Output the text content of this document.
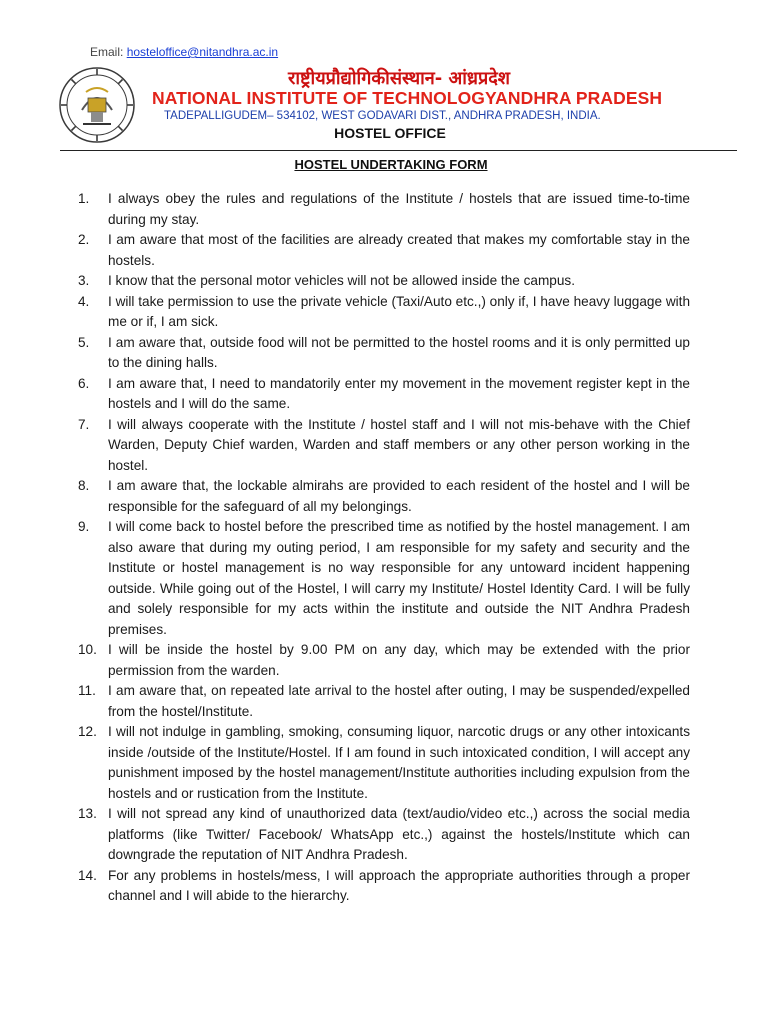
Email: hosteloffice@nitandhra.ac.in
राष्ट्रीयप्रौद्योगिकीसंस्थान- आंध्रप्रदेश
NATIONAL INSTITUTE OF TECHNOLOGYANDHRA PRADESH
TADEPALLIGUDEM– 534102, WEST GODAVARI DIST., ANDHRA PRADESH, INDIA.
HOSTEL OFFICE
HOSTEL UNDERTAKING FORM
1.	I always obey the rules and regulations of the Institute / hostels that are issued time-to-time during my stay.
2.	I am aware that most of the facilities are already created that makes my comfortable stay in the hostels.
3.	I know that the personal motor vehicles will not be allowed inside the campus.
4.	I will take permission to use the private vehicle (Taxi/Auto etc.,) only if, I have heavy luggage with me or if, I am sick.
5.	I am aware that, outside food will not be permitted to the hostel rooms and it is only permitted up to the dining halls.
6.	I am aware that, I need to mandatorily enter my movement in the movement register kept in the hostels and I will do the same.
7.	I will always cooperate with the Institute / hostel staff and I will not mis-behave with the Chief Warden, Deputy Chief warden, Warden and staff members or any other person working in the hostel.
8.	I am aware that, the lockable almirahs are provided to each resident of the hostel and I will be responsible for the safeguard of all my belongings.
9.	I will come back to hostel before the prescribed time as notified by the hostel management. I am also aware that during my outing period, I am responsible for my safety and security and the Institute or hostel management is no way responsible for any untoward incident happening outside. While going out of the Hostel, I will carry my Institute/ Hostel Identity Card. I will be fully and solely responsible for my acts within the institute and outside the NIT Andhra Pradesh premises.
10. I will be inside the hostel by 9.00 PM on any day, which may be extended with the prior permission from the warden.
11. I am aware that, on repeated late arrival to the hostel after outing, I may be suspended/expelled from the hostel/Institute.
12. I will not indulge in gambling, smoking, consuming liquor, narcotic drugs or any other intoxicants inside /outside of the Institute/Hostel. If I am found in such intoxicated condition, I will accept any punishment imposed by the hostel management/Institute authorities including expulsion from the hostels and or rustication from the Institute.
13. I will not spread any kind of unauthorized data (text/audio/video etc.,) across the social media platforms (like Twitter/ Facebook/ WhatsApp etc.,) against the hostels/Institute which can downgrade the reputation of NIT Andhra Pradesh.
14. For any problems in hostels/mess, I will approach the appropriate authorities through a proper channel and I will abide to the hierarchy.
